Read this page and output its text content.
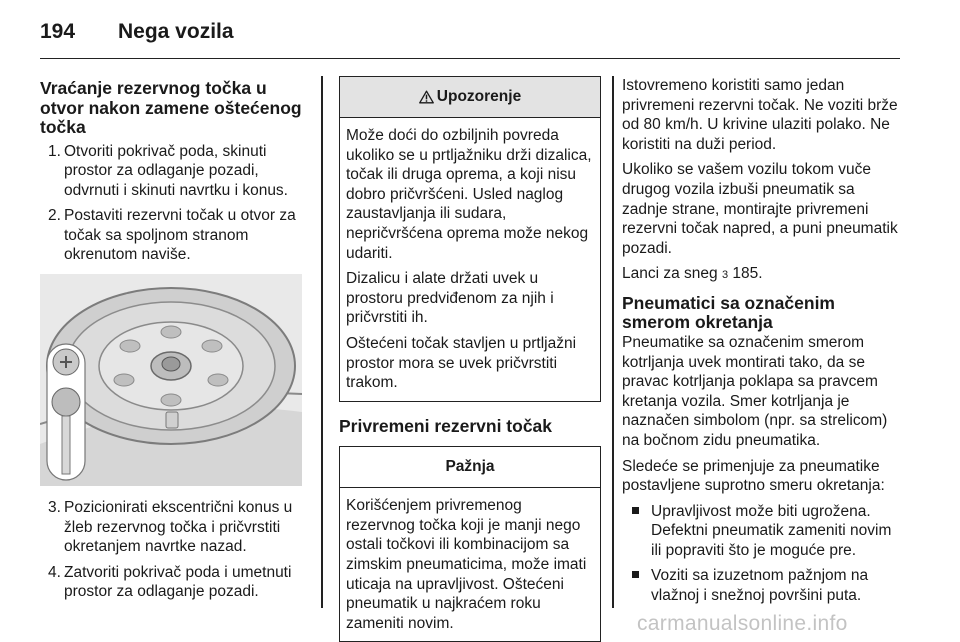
194 Nega vozila
Vraćanje rezervnog točka u otvor nakon zamene oštećenog točka
1. Otvoriti pokrivač poda, skinuti prostor za odlaganje pozadi, odvrnuti i skinuti navrtku i konus.
2. Postaviti rezervni točak u otvor za točak sa spoljnom stranom okrenutom naviše.
3. Pozicionirati ekscentrični konus u žleb rezervnog točka i pričvrstiti okretanjem navrtke nazad.
4. Zatvoriti pokrivač poda i umetnuti prostor za odlaganje pozadi.
Upozorenje

Može doći do ozbiljnih povreda ukoliko se u prtljažniku drži dizalica, točak ili druga oprema, a koji nisu dobro pričvršćeni. Usled naglog zaustavljanja ili sudara, nepričvršćena oprema može nekog udariti.

Dizalicu i alate držati uvek u prostoru predviđenom za njih i pričvrstiti ih.

Oštećeni točak stavljen u prtljažni prostor mora se uvek pričvrstiti trakom.

Privremeni rezervni točak
Pažnja

Korišćenjem privremenog rezervnog točka koji je manji nego ostali točkovi ili kombinacijom sa zimskim pneumaticima, može imati uticaja na upravljivost. Oštećeni pneumatik u najkraćem roku zameniti novim.

Istovremeno koristiti samo jedan privremeni rezervni točak. Ne voziti brže od 80 km/h. U krivine ulaziti polako. Ne koristiti na duži period.

Ukoliko se vašem vozilu tokom vuče drugog vozila izbuši pneumatik sa zadnje strane, montirajte privremeni rezervni točak napred, a puni pneumatik pozadi.

Lanci za sneg 3 185.

Pneumatici sa označenim smerom okretanja

Pneumatike sa označenim smerom kotrljanja uvek montirati tako, da se pravac kotrljanja poklapa sa pravcem kretanja vozila. Smer kotrljanja je naznačen simbolom (npr. sa strelicom) na bočnom zidu pneumatika.

Sledeće se primenjuje za pneumatike postavljene suprotno smeru okretanja:

Upravljivost može biti ugrožena. Defektni pneumatik zameniti novim ili popraviti što je moguće pre.
Voziti sa izuzetnom pažnjom na vlažnoj i snežnoj površini puta.
carmanualsonline.info
